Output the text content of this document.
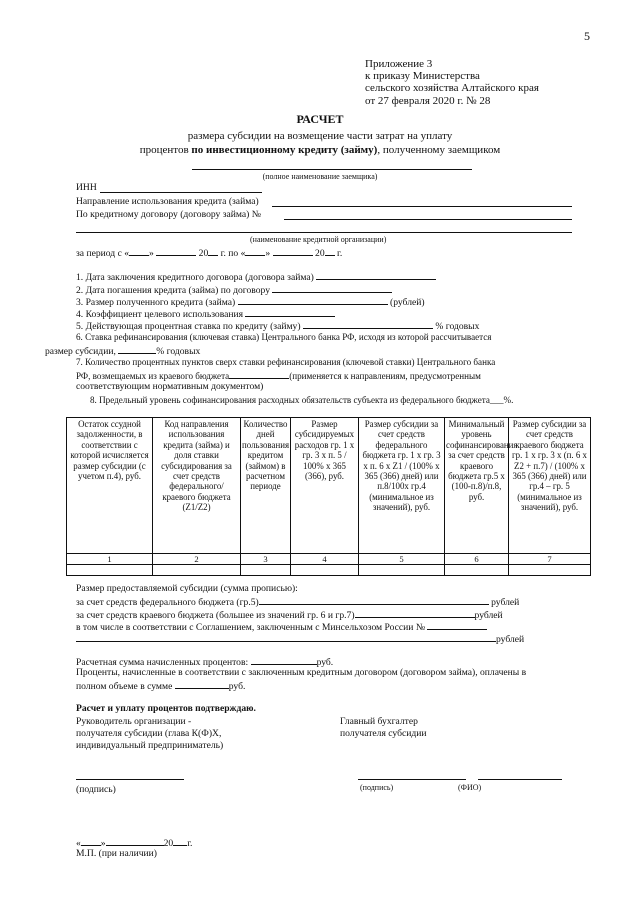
5
Приложение 3
к приказу Министерства
сельского хозяйства Алтайского края
от 27 февраля 2020 г. № 28
РАСЧЕТ
размера субсидии на возмещение части затрат на уплату
процентов по инвестиционному кредиту (займу), полученному заемщиком
(полное наименование заемщика)
ИНН
Направление использования кредита (займа)
По кредитному договору (договору займа) №
(наименование кредитной организации)
за период с « »	20 г. по « »	20 г.
1. Дата заключения кредитного договора (договора займа)
2. Дата погашения кредита (займа) по договору
3. Размер полученного кредита (займа)	(рублей)
4. Коэффициент целевого использования
5. Действующая процентная ставка по кредиту (займу)	% годовых
6. Ставка рефинансирования (ключевая ставка) Центрального банка РФ, исходя из которой рассчитывается
размер субсидии,	% годовых
7. Количество процентных пунктов сверх ставки рефинансирования (ключевой ставки) Центрального банка
РФ, возмещаемых из краевого бюджета	(применяется к направлениям, предусмотренным
соответствующим нормативным документом)
8. Предельный уровень софинансирования расходных обязательств субъекта из федерального бюджета___%.
Остаток ссудной задолженности, в соответствии с которой исчисляется размер субсидии (с учетом п.4), руб.	Код направления использования кредита (займа) и доля ставки субсидирования за счет средств федерального/краевого бюджета (Z1/Z2)	Количество дней пользования кредитом (займом) в расчетном периоде	Размер субсидируемых расходов гр. 1 х гр. 3 х п. 5 / 100% х 365 (366), руб.	Размер субсидии за счет средств федерального бюджета гр. 1 х гр. 3 х п. 6 х Z1 / (100% х 365 (366) дней) или п.8/100х гр.4 (минимальное из значений), руб.	Минимальный уровень софинансирования за счет средств краевого бюджета гр.5 х (100-п.8)/п.8, руб.	Размер субсидии за счет средств краевого бюджета гр. 1 х гр. 3 х (п. 6 х Z2 + п.7) / (100% х 365 (366) дней) или гр.4 – гр. 5 (минимальное из значений), руб.
1	2	3	4	5	6	7

Размер предоставляемой субсидии (сумма прописью):
за счет средств федерального бюджета (гр.5)	рублей
за счет средств краевого бюджета (большее из значений гр. 6 и гр.7)	рублей
в том числе в соответствии с Соглашением, заключенным с Минсельхозом России №
рублей
Расчетная сумма начисленных процентов:	руб.
Проценты, начисленные в соответствии с заключенным кредитным договором (договором займа), оплачены в
полном объеме в сумме	руб.
Расчет и уплату процентов подтверждаю.
Руководитель организации -
получателя субсидии (глава К(Ф)Х,
индивидуальный предприниматель)
Главный бухгалтер
получателя субсидии
(подпись)	(подпись)	(ФИО)
« »	20 г.
М.П. (при наличии)
